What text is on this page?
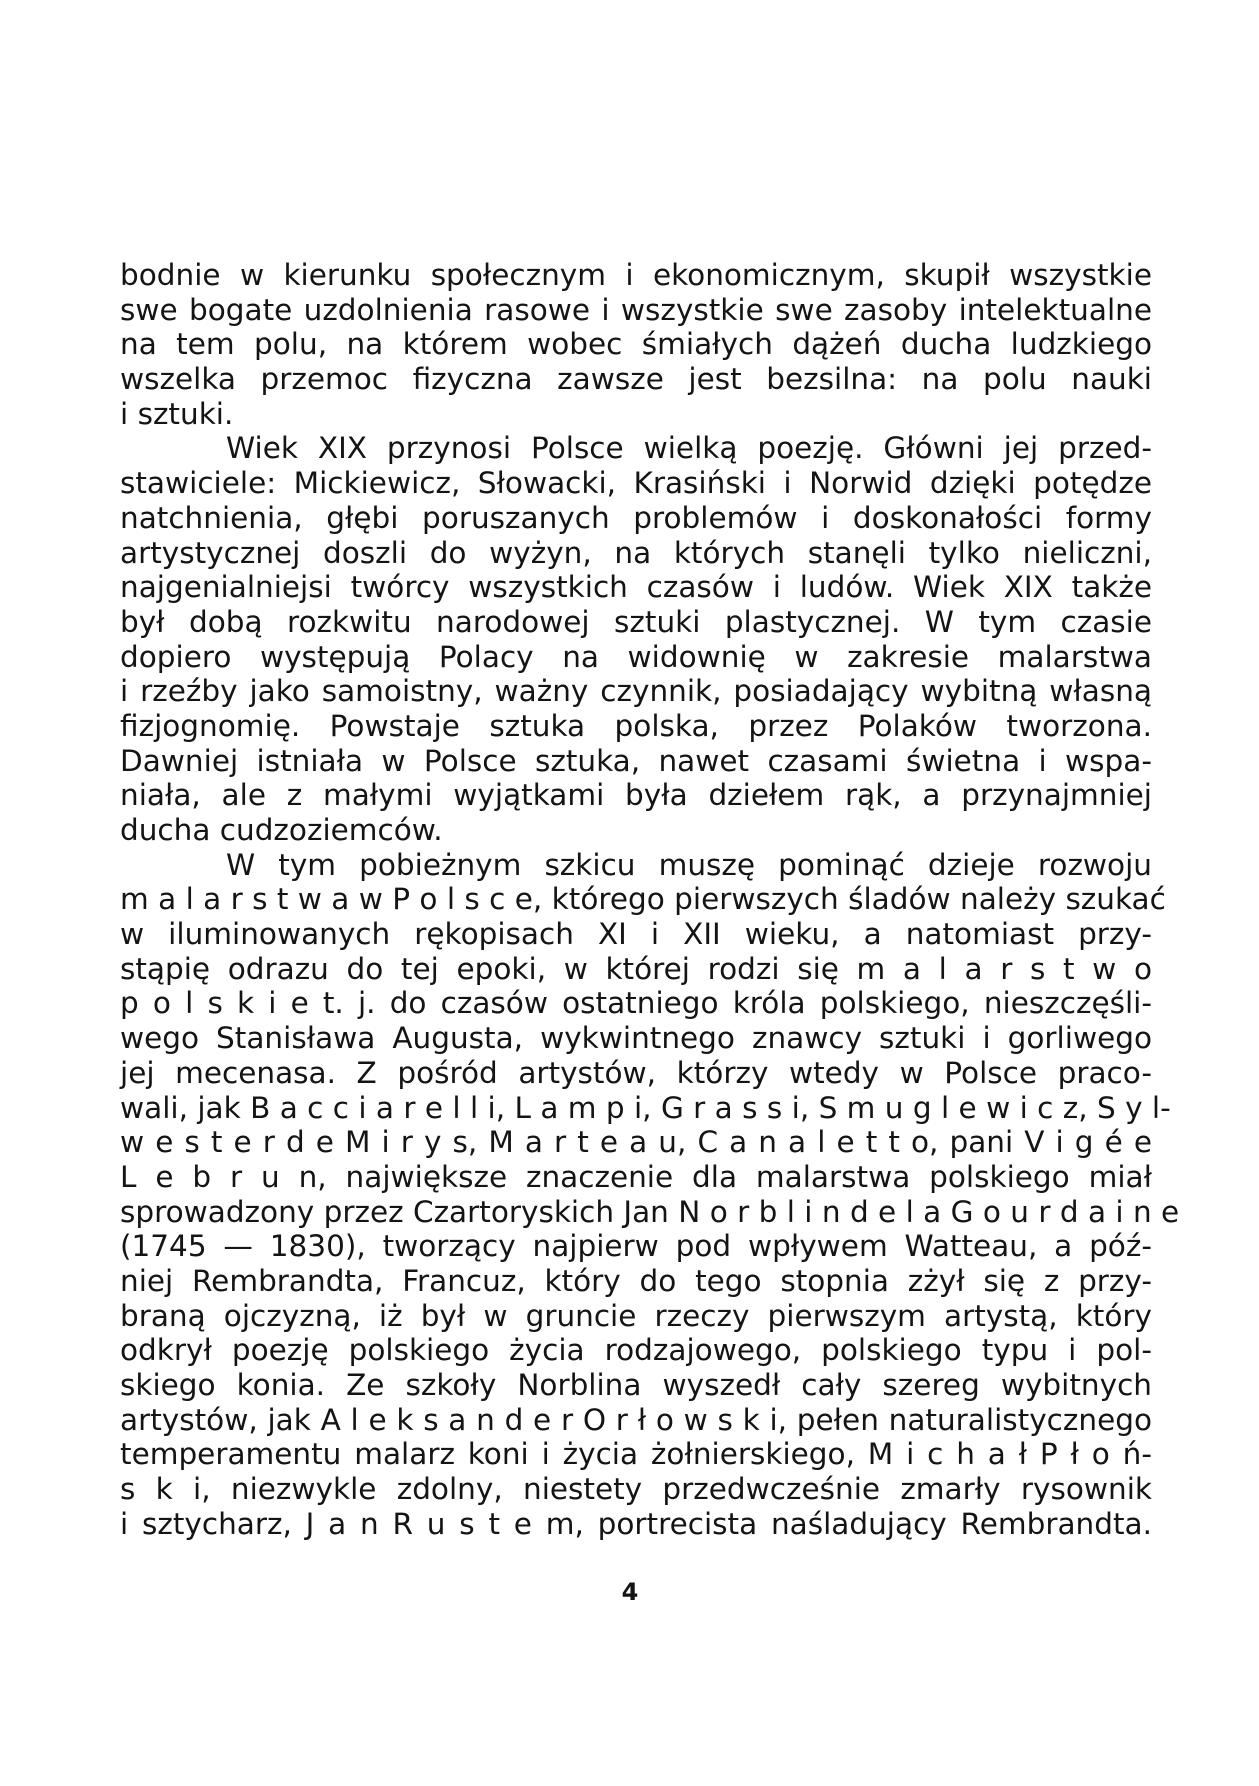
bodnie w kierunku społecznym i ekonomicznym, skupił wszystkie
swe bogate uzdolnienia rasowe i wszystkie swe zasoby intelektualne
na tem polu, na którem wobec śmiałych dążeń ducha ludzkiego
wszelka przemoc fizyczna zawsze jest bezsilna: na polu nauki
i sztuki.
Wiek XIX przynosi Polsce wielką poezję. Główni jej przed-
stawiciele: Mickiewicz, Słowacki, Krasiński i Norwid dzięki potędze
natchnienia, głębi poruszanych problemów i doskonałości formy
artystycznej doszli do wyżyn, na których stanęli tylko nieliczni,
najgenialniejsi twórcy wszystkich czasów i ludów. Wiek XIX także
był dobą rozkwitu narodowej sztuki plastycznej. W tym czasie
dopiero występują Polacy na widownię w zakresie malarstwa
i rzeźby jako samoistny, ważny czynnik, posiadający wybitną własną
fizjognomię. Powstaje sztuka polska, przez Polaków tworzona.
Dawniej istniała w Polsce sztuka, nawet czasami świetna i wspa-
niała, ale z małymi wyjątkami była dziełem rąk, a przynajmniej
ducha cudzoziemców.
W tym pobieżnym szkicu muszę pominąć dzieje rozwoju
m a l a r s t w a w P o l s c e, którego pierwszych śladów należy szukać
w iluminowanych rękopisach XI i XII wieku, a natomiast przy-
stąpię odrazu do tej epoki, w której rodzi się m a l a r s t w o
p o l s k i e t. j. do czasów ostatniego króla polskiego, nieszczęśli-
wego Stanisława Augusta, wykwintnego znawcy sztuki i gorliwego
jej mecenasa. Z pośród artystów, którzy wtedy w Polsce praco-
wali, jak B a c c i a r e l l i, L a m p i, G r a s s i, S m u g l e w i c z, S y l-
w e s t e r d e M i r y s, M a r t e a u, C a n a l e t t o, pani V i g é e
L e b r u n, największe znaczenie dla malarstwa polskiego miał
sprowadzony przez Czartoryskich Jan N o r b l i n d e l a G o u r d a i n e
(1745 — 1830), tworzący najpierw pod wpływem Watteau, a póź-
niej Rembrandta, Francuz, który do tego stopnia zżył się z przy-
braną ojczyzną, iż był w gruncie rzeczy pierwszym artystą, który
odkrył poezję polskiego życia rodzajowego, polskiego typu i pol-
skiego konia. Ze szkoły Norblina wyszedł cały szereg wybitnych
artystów, jak A l e k s a n d e r O r ł o w s k i, pełen naturalistycznego
temperamentu malarz koni i życia żołnierskiego, M i c h a ł P ł o ń-
s k i, niezwykle zdolny, niestety przedwcześnie zmarły rysownik
i sztycharz, J a n R u s t e m, portrecista naśladujący Rembrandta.
4
